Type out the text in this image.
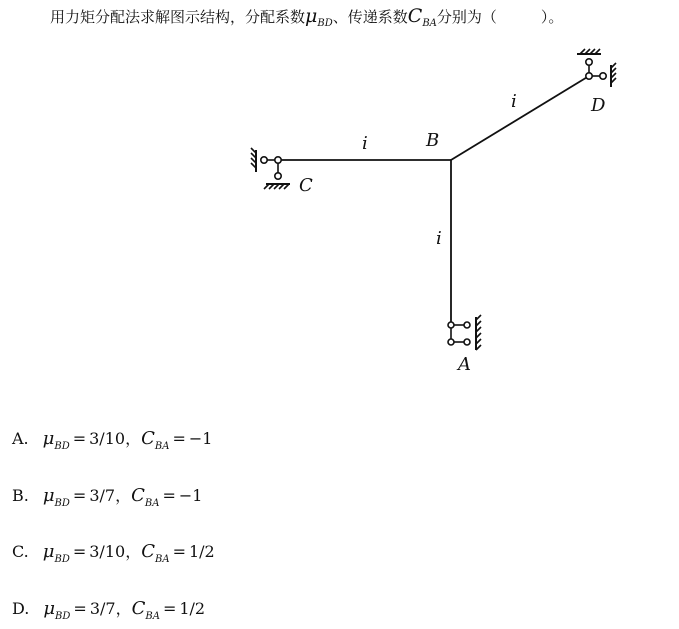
用力矩分配法求解图示结构，分配系数$\mu_{BD}$、传递系数$C_{BA}$分别为（	）。
C
B
D
A
i
i
i
A. $\mu_{BD} = 3/10$，$C_{BA} = -1$
B. $\mu_{BD} = 3/7$，$C_{BA} = -1$
C. $\mu_{BD} = 3/10$，$C_{BA} = 1/2$
D. $\mu_{BD} = 3/7$，$C_{BA} = 1/2$
